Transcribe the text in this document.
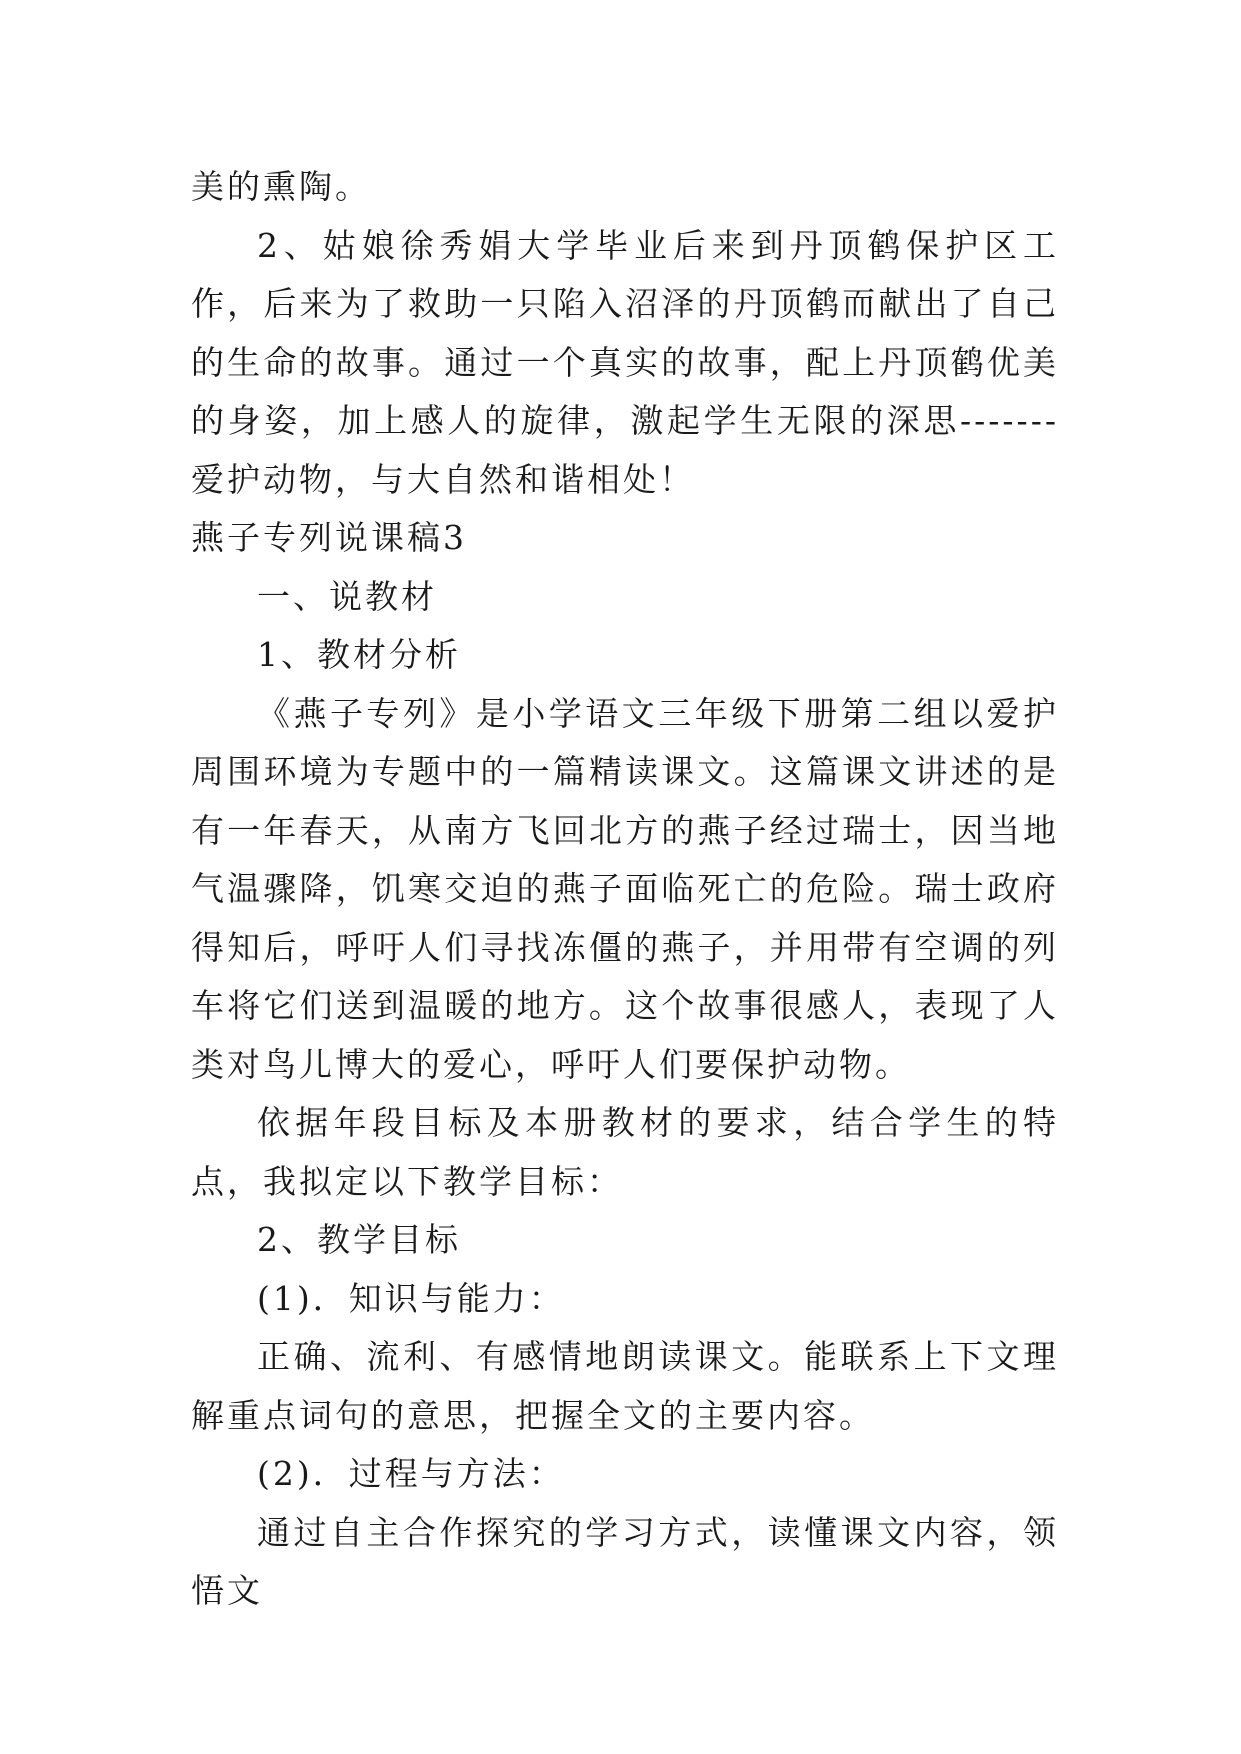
美的熏陶。

2、姑娘徐秀娟大学毕业后来到丹顶鹤保护区工作，后来为了救助一只陷入沼泽的丹顶鹤而献出了自己的生命的故事。通过一个真实的故事，配上丹顶鹤优美的身姿，加上感人的旋律，激起学生无限的深思-------爱护动物，与大自然和谐相处！

燕子专列说课稿3

一、说教材

1、教材分析

《燕子专列》是小学语文三年级下册第二组以爱护周围环境为专题中的一篇精读课文。这篇课文讲述的是有一年春天，从南方飞回北方的燕子经过瑞士，因当地气温骤降，饥寒交迫的燕子面临死亡的危险。瑞士政府得知后，呼吁人们寻找冻僵的燕子，并用带有空调的列车将它们送到温暖的地方。这个故事很感人，表现了人类对鸟儿博大的爱心，呼吁人们要保护动物。

依据年段目标及本册教材的要求，结合学生的特点，我拟定以下教学目标：

2、教学目标

(1)．知识与能力：

正确、流利、有感情地朗读课文。能联系上下文理解重点词句的意思，把握全文的主要内容。

(2)．过程与方法：

通过自主合作探究的学习方式，读懂课文内容，领悟文
